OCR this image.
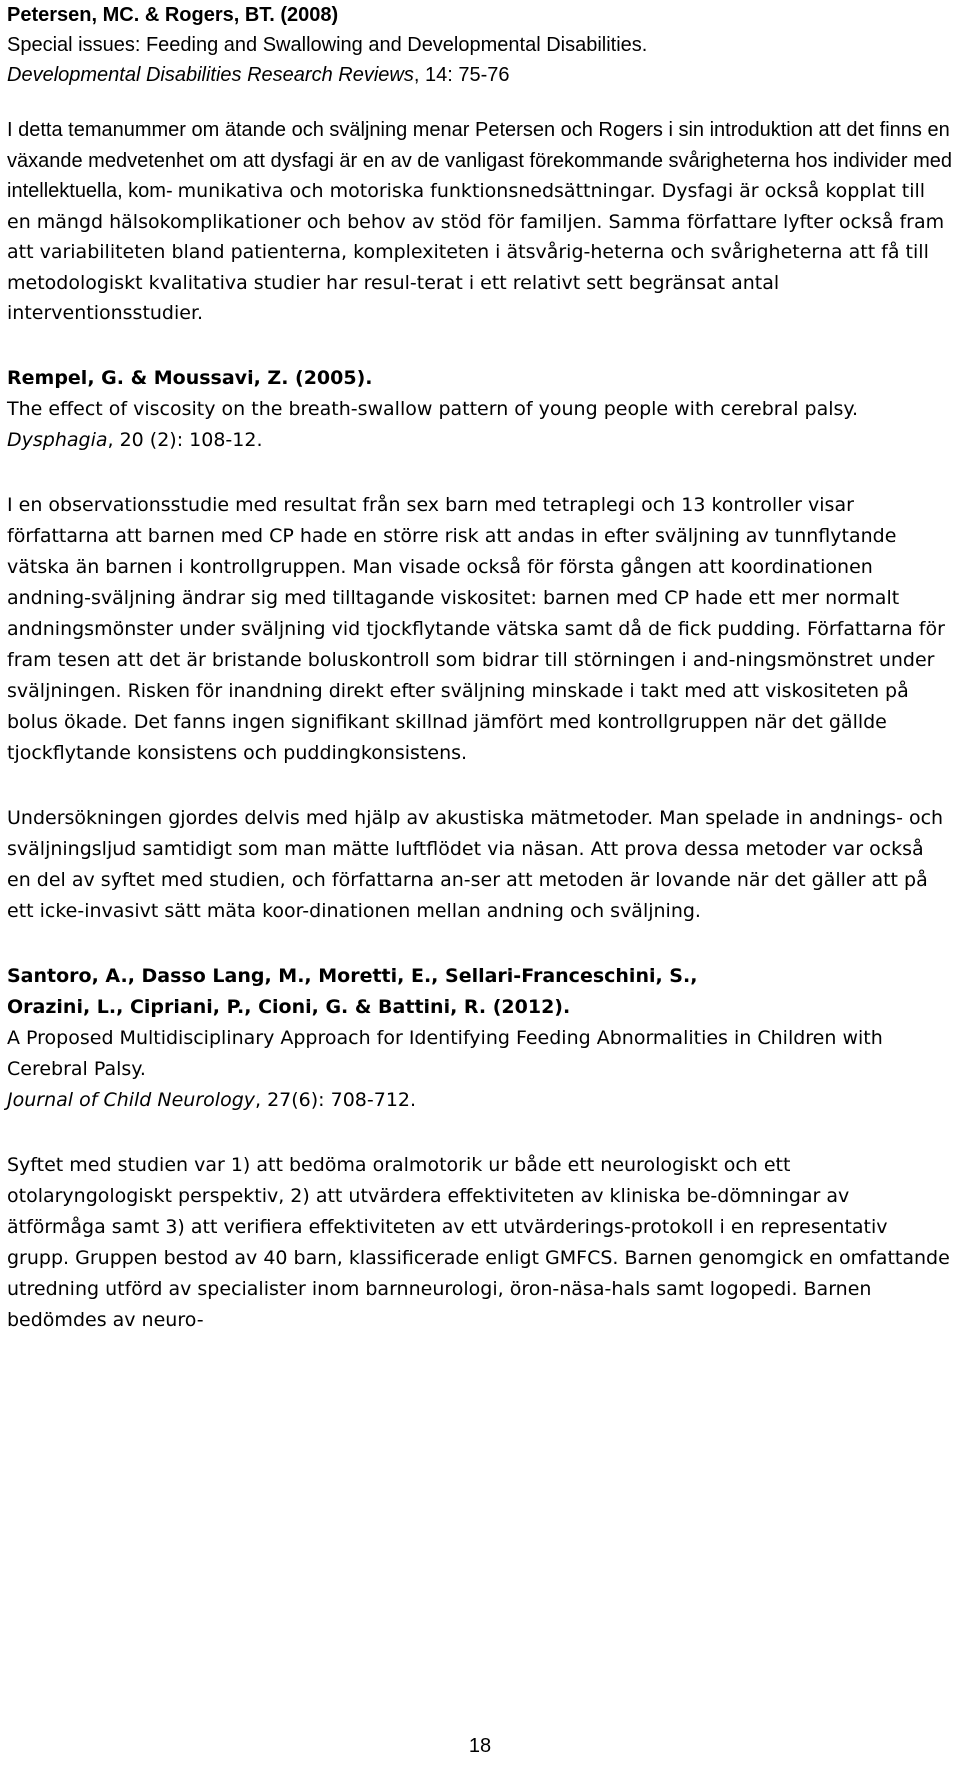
Petersen, MC. & Rogers, BT. (2008)
Special issues: Feeding and Swallowing and Developmental Disabilities.
Developmental Disabilities Research Reviews, 14: 75-76

I detta temanummer om ätande och sväljning menar Petersen och Rogers i sin introduktion att det finns en växande medvetenhet om att dysfagi är en av de vanligast förekommande svårigheterna hos individer med intellektuella, kom- munikativa och motoriska funktionsnedsättningar. Dysfagi är också kopplat till en mängd hälsokomplikationer och behov av stöd för familjen. Samma författare lyfter också fram att variabiliteten bland patienterna, komplexiteten i ätsvårig-heterna och svårigheterna att få till metodologiskt kvalitativa studier har resul-terat i ett relativt sett begränsat antal interventionsstudier.

Rempel, G. & Moussavi, Z. (2005).
The effect of viscosity on the breath-swallow pattern of young people with cerebral palsy. Dysphagia, 20 (2): 108-12.

I en observationsstudie med resultat från sex barn med tetraplegi och 13 kontroller visar författarna att barnen med CP hade en större risk att andas in efter sväljning av tunnflytande vätska än barnen i kontrollgruppen. Man visade också för första gången att koordinationen andning-sväljning ändrar sig med tilltagande viskositet: barnen med CP hade ett mer normalt andningsmönster under sväljning vid tjockflytande vätska samt då de fick pudding. Författarna för fram tesen att det är bristande boluskontroll som bidrar till störningen i and-ningsmönstret under sväljningen. Risken för inandning direkt efter sväljning minskade i takt med att viskositeten på bolus ökade. Det fanns ingen signifikant skillnad jämfört med kontrollgruppen när det gällde tjockflytande konsistens och puddingkonsistens.

Undersökningen gjordes delvis med hjälp av akustiska mätmetoder. Man spelade in andnings- och sväljningsljud samtidigt som man mätte luftflödet via näsan. Att prova dessa metoder var också en del av syftet med studien, och författarna an-ser att metoden är lovande när det gäller att på ett icke-invasivt sätt mäta koor-dinationen mellan andning och sväljning.

Santoro, A., Dasso Lang, M., Moretti, E., Sellari-Franceschini, S.,
Orazini, L., Cipriani, P., Cioni, G. & Battini, R. (2012).
A Proposed Multidisciplinary Approach for Identifying Feeding Abnormalities in Children with Cerebral Palsy.
Journal of Child Neurology, 27(6): 708-712.

Syftet med studien var 1) att bedöma oralmotorik ur både ett neurologiskt och ett otolaryngologiskt perspektiv, 2) att utvärdera effektiviteten av kliniska be-dömningar av ätförmåga samt 3) att verifiera effektiviteten av ett utvärderings-protokoll i en representativ grupp. Gruppen bestod av 40 barn, klassificerade enligt GMFCS. Barnen genomgick en omfattande utredning utförd av specialister inom barnneurologi, öron-näsa-hals samt logopedi. Barnen bedömdes av neuro-

18
